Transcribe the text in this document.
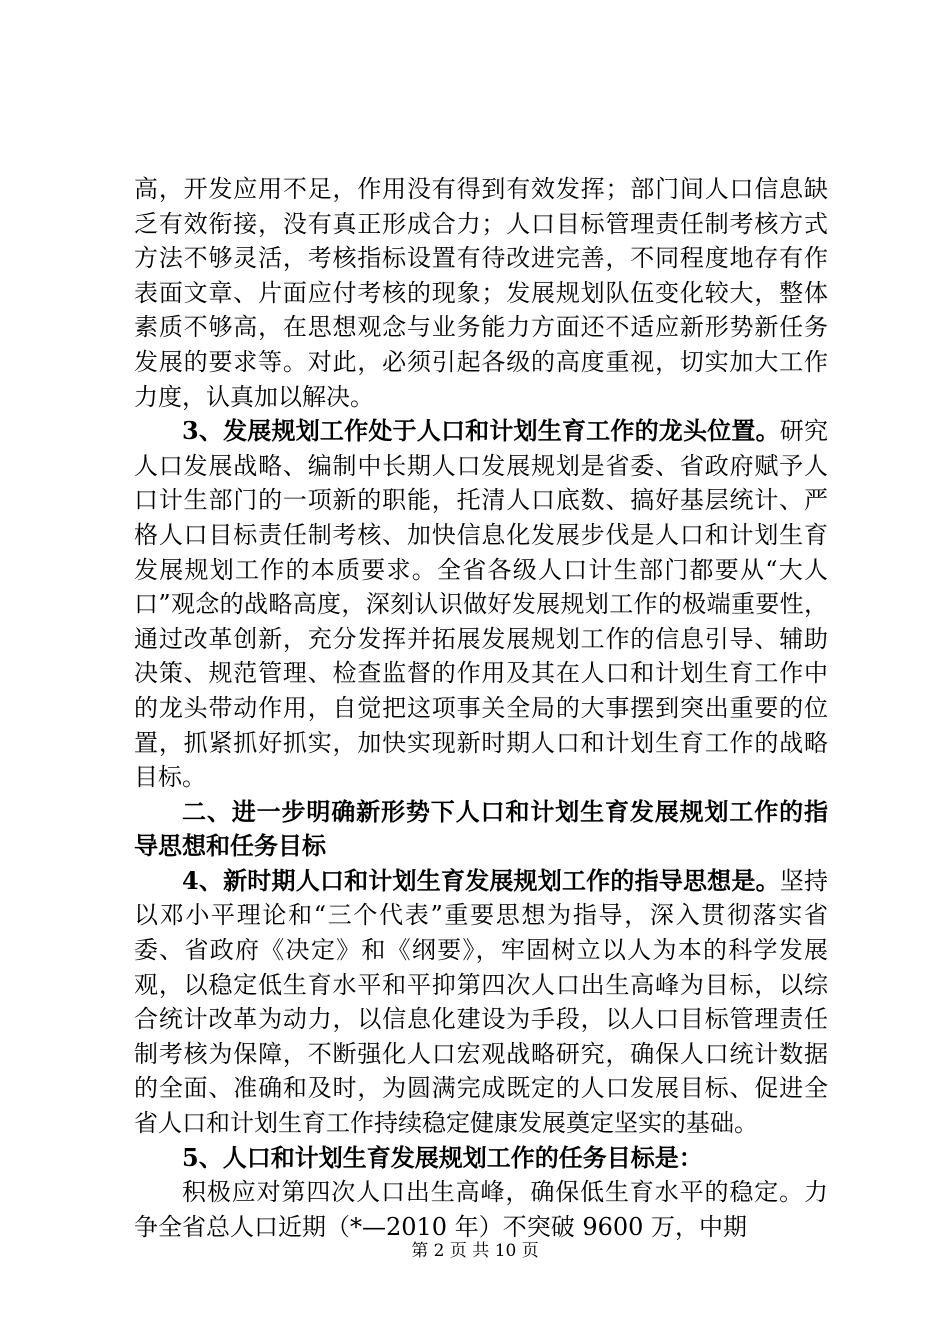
高，开发应用不足，作用没有得到有效发挥；部门间人口信息缺乏有效衔接，没有真正形成合力；人口目标管理责任制考核方式方法不够灵活，考核指标设置有待改进完善，不同程度地存有作表面文章、片面应付考核的现象；发展规划队伍变化较大，整体素质不够高，在思想观念与业务能力方面还不适应新形势新任务发展的要求等。对此，必须引起各级的高度重视，切实加大工作力度，认真加以解决。

3、发展规划工作处于人口和计划生育工作的龙头位置。研究人口发展战略、编制中长期人口发展规划是省委、省政府赋予人口计生部门的一项新的职能，托清人口底数、搞好基层统计、严格人口目标责任制考核、加快信息化发展步伐是人口和计划生育发展规划工作的本质要求。全省各级人口计生部门都要从“大人口”观念的战略高度，深刻认识做好发展规划工作的极端重要性，通过改革创新，充分发挥并拓展发展规划工作的信息引导、辅助决策、规范管理、检查监督的作用及其在人口和计划生育工作中的龙头带动作用，自觉把这项事关全局的大事摆到突出重要的位置，抓紧抓好抓实，加快实现新时期人口和计划生育工作的战略目标。

二、进一步明确新形势下人口和计划生育发展规划工作的指导思想和任务目标

4、新时期人口和计划生育发展规划工作的指导思想是。坚持以邓小平理论和“三个代表”重要思想为指导，深入贯彻落实省委、省政府《决定》和《纲要》，牢固树立以人为本的科学发展观，以稳定低生育水平和平抑第四次人口出生高峰为目标，以综合统计改革为动力，以信息化建设为手段，以人口目标管理责任制考核为保障，不断强化人口宏观战略研究，确保人口统计数据的全面、准确和及时，为圆满完成既定的人口发展目标、促进全省人口和计划生育工作持续稳定健康发展奠定坚实的基础。

5、人口和计划生育发展规划工作的任务目标是：

积极应对第四次人口出生高峰，确保低生育水平的稳定。力争全省总人口近期（*—2010 年）不突破 9600 万，中期

第 2 页 共 10 页
